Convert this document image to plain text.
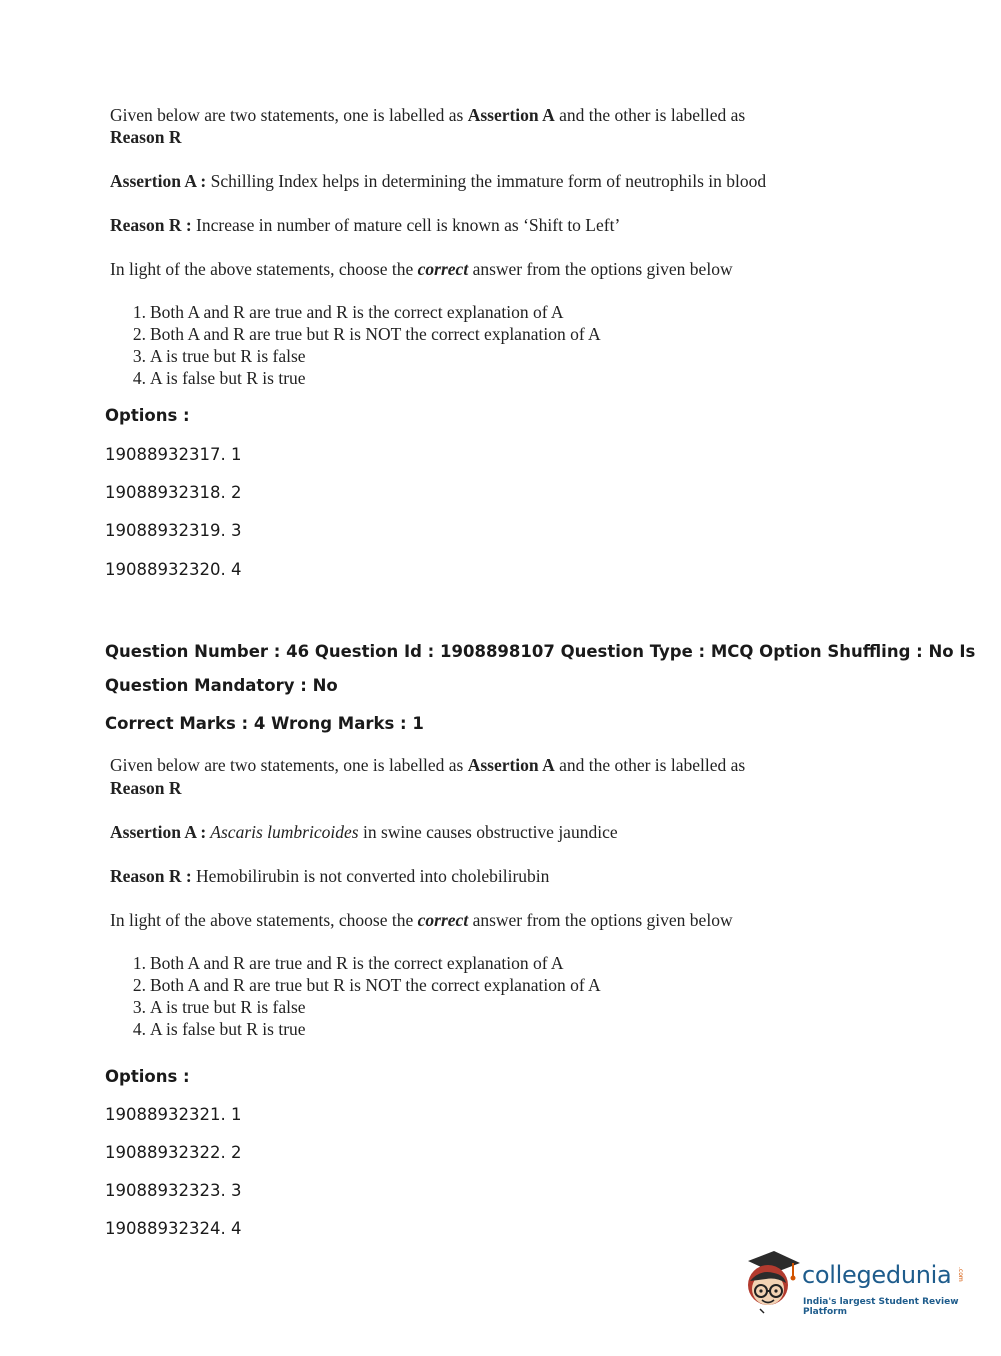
Given below are two statements, one is labelled as Assertion A and the other is labelled as
Reason R
Assertion A : Schilling Index helps in determining the immature form of neutrophils in blood
Reason R : Increase in number of mature cell is known as ‘Shift to Left’
In light of the above statements, choose the correct answer from the options given below
1. Both A and R are true and R is the correct explanation of A
2. Both A and R are true but R is NOT the correct explanation of A
3. A is true but R is false
4. A is false but R is true
Options :
19088932317. 1
19088932318. 2
19088932319. 3
19088932320. 4
Question Number : 46 Question Id : 1908898107 Question Type : MCQ Option Shuffling : No Is
Question Mandatory : No
Correct Marks : 4 Wrong Marks : 1
Given below are two statements, one is labelled as Assertion A and the other is labelled as
Reason R
Assertion A : Ascaris lumbricoides in swine causes obstructive jaundice
Reason R : Hemobilirubin is not converted into cholebilirubin
In light of the above statements, choose the correct answer from the options given below
1. Both A and R are true and R is the correct explanation of A
2. Both A and R are true but R is NOT the correct explanation of A
3. A is true but R is false
4. A is false but R is true
Options :
19088932321. 1
19088932322. 2
19088932323. 3
19088932324. 4
collegedunia .com
India's largest Student Review Platform
